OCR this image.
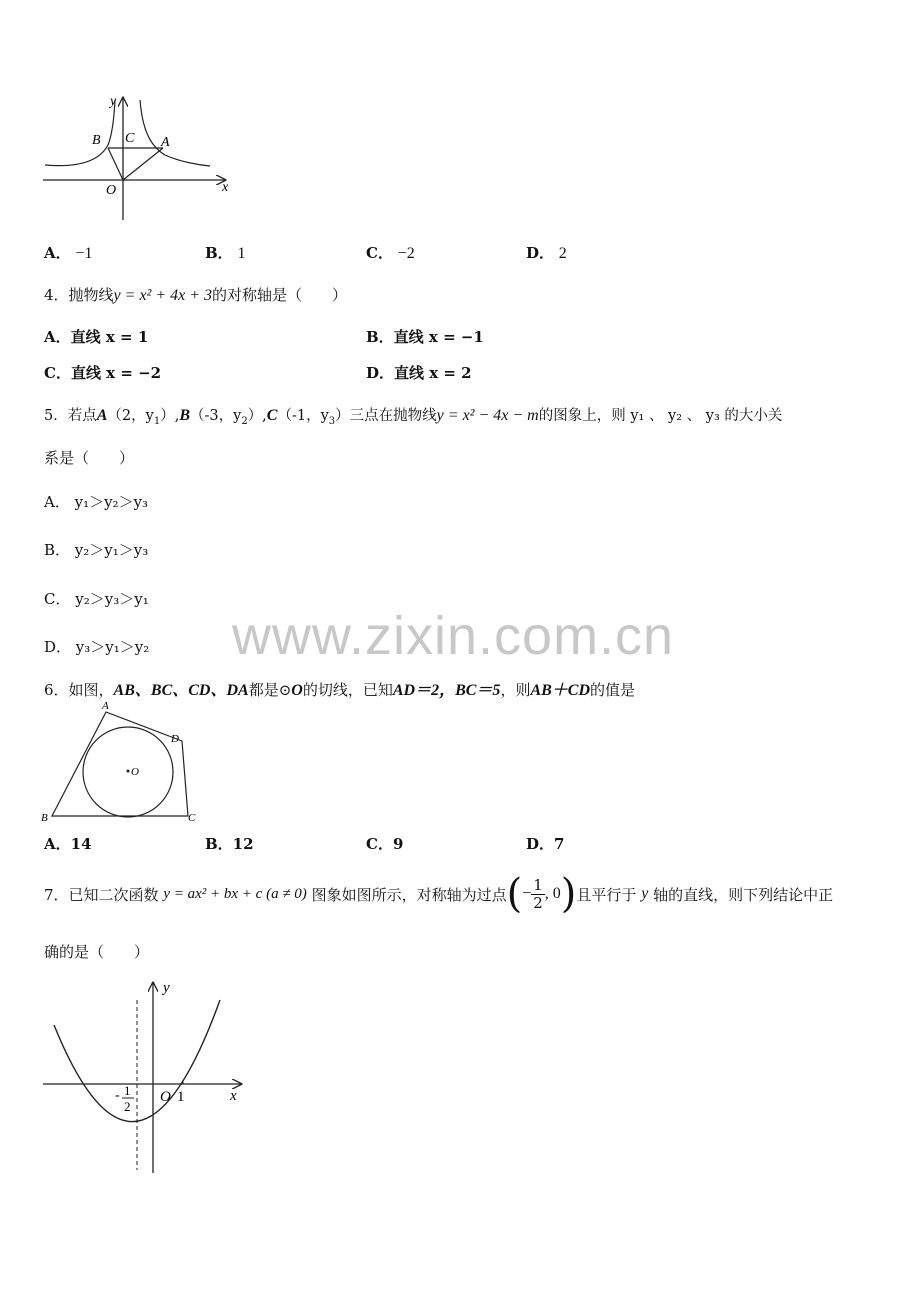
y
x
B C A
O
A． −1	B． 1	C． −2	D． 2
4．抛物线y = x² + 4x + 3的对称轴是（　　）
A．直线 x = 1	B．直线 x = −1
C．直线 x = −2	D．直线 x = 2
5．若点A（2，$y_1),B(-3$，$y_2),C(-1$，$y_3$）三点在抛物线y = x² − 4x − m的图象上，则 y₁ 、 y₂ 、 y₃ 的大小关
系是（　　）
A． y₁＞y₂＞y₃
B． y₂＞y₁＞y₃
C． y₂＞y₃＞y₁
D． y₃＞y₁＞y₂ www.zixin.com.cn
6．如图，AB、BC、CD、DA都是⊙O的切线，已知AD＝2，BC＝5，则AB＋CD的值是
A
B	C
D
O
A．14	B．12	C．9	D．7
7．已知二次函数
y = ax² + bx + c (a ≠ 0)
图象如图所示，对称轴为过点 ( − $\frac{1}{2}$ , 0 ) 且平行于
y
轴的直线，则下列结论中正
确的是（　　）
y
x
O 1
- 1
2
